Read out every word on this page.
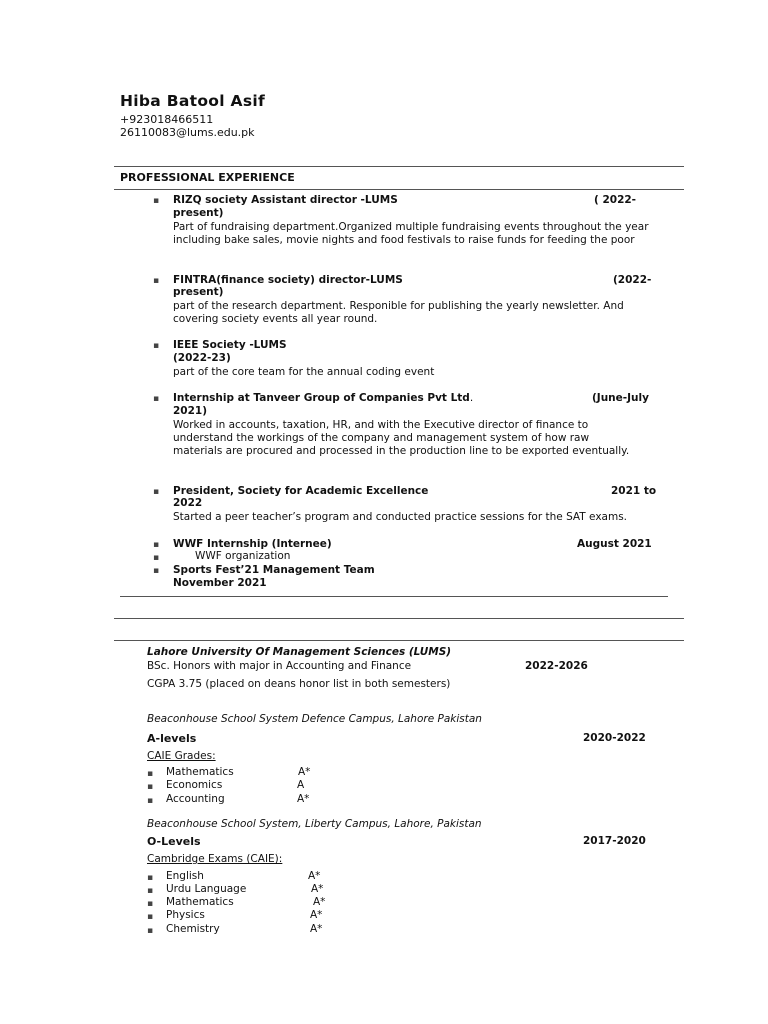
Hiba Batool Asif
+923018466511
26110083@lums.edu.pk
PROFESSIONAL EXPERIENCE
▪ RIZQ society Assistant director -LUMS	( 2022-
present)
Part of fundraising department.Organized multiple fundraising events throughout the year including bake sales, movie nights and food festivals to raise funds for feeding the poor
▪ FINTRA(finance society) director-LUMS	(2022-
present)
part of the research department. Responible for publishing the yearly newsletter. And covering society events all year round.
▪ IEEE Society -LUMS
(2022-23)
part of the core team for the annual coding event
▪ Internship at Tanveer Group of Companies Pvt Ltd.	(June-July
2021)
Worked in accounts, taxation, HR, and with the Executive director of finance to understand the workings of the company and management system of how raw materials are procured and processed in the production line to be exported eventually.
▪ President, Society for Academic Excellence	2021 to
2022
Started a peer teacher’s program and conducted practice sessions for the SAT exams.
▪ WWF Internship (Internee)	August 2021
▪	WWF organization
▪ Sports Fest’21 Management Team
November 2021
Lahore University Of Management Sciences (LUMS)
BSc. Honors with major in Accounting and Finance	2022-2026
CGPA 3.75 (placed on deans honor list in both semesters)
Beaconhouse School System Defence Campus, Lahore Pakistan
A-levels	2020-2022
CAIE Grades:
▪ Mathematics	A*
▪ Economics	A
▪ Accounting	A*
Beaconhouse School System, Liberty Campus, Lahore, Pakistan
O-Levels	2017-2020
Cambridge Exams (CAIE):
▪ English	A*
▪ Urdu Language	A*
▪ Mathematics	A*
▪ Physics	A*
▪ Chemistry	A*
